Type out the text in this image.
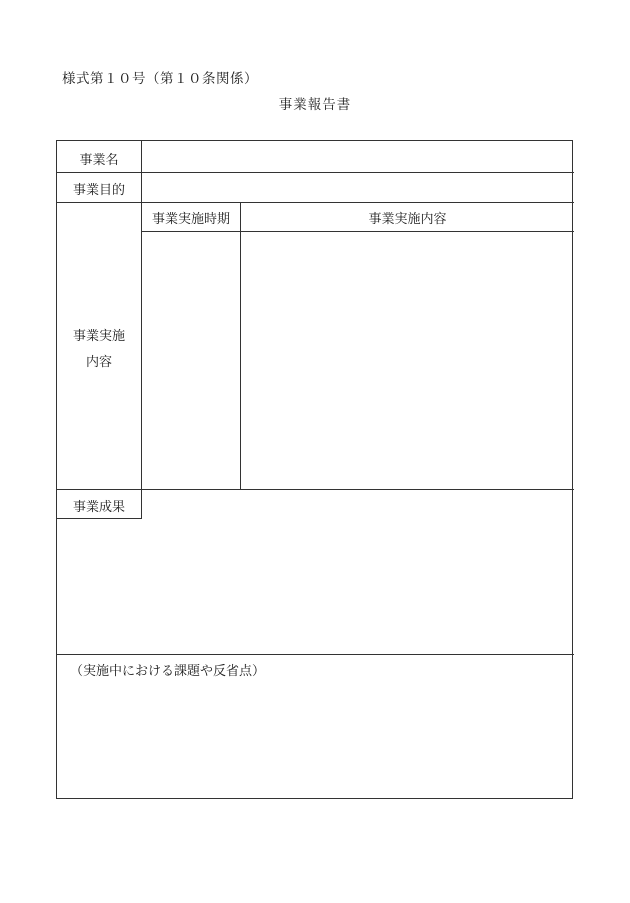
様式第１０号（第１０条関係）
事業報告書
事業名
事業目的
事業実施
内容
事業実施時期	事業実施内容
事業成果
（実施中における課題や反省点）
